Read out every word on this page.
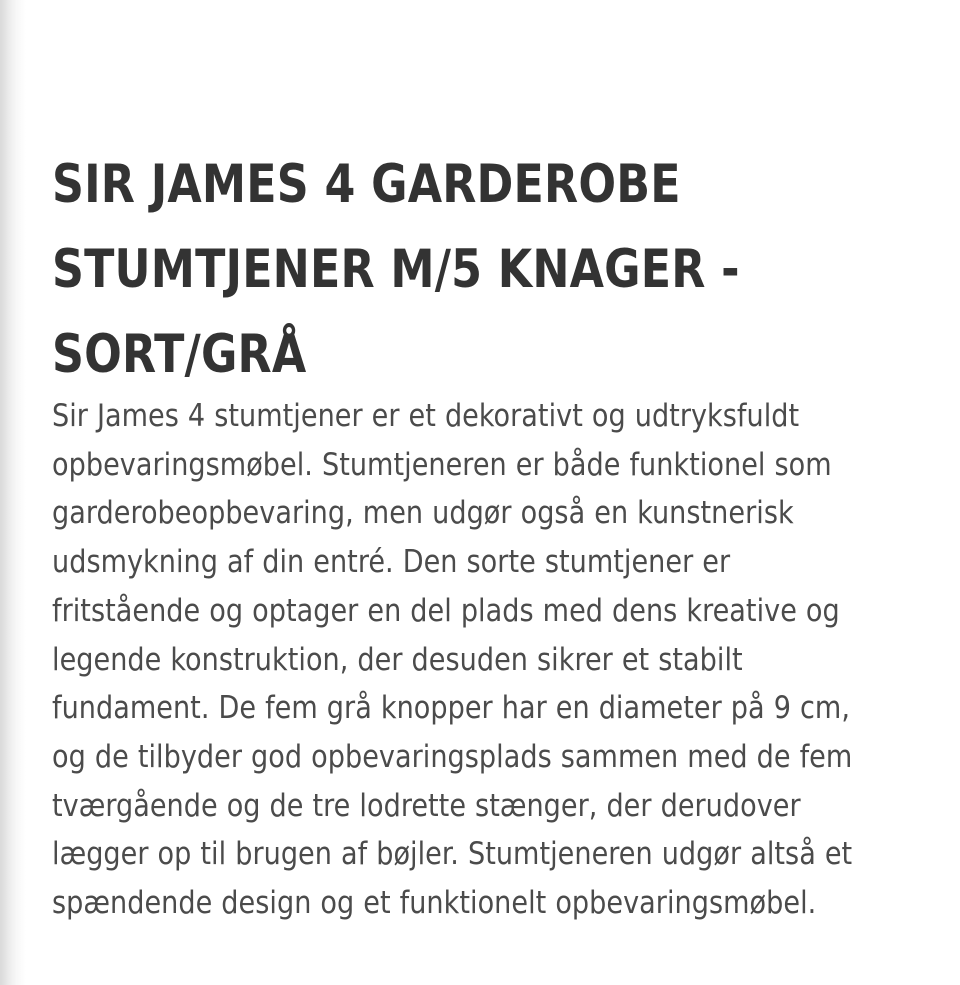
SIR JAMES 4 GARDEROBE
STUMTJENER M/5 KNAGER -
SORT/GRÅ

Sir James 4 stumtjener er et dekorativt og udtryksfuldt opbevaringsmøbel. Stumtjeneren er både funktionel som garderobeopbevaring, men udgør også en kunstnerisk udsmykning af din entré. Den sorte stumtjener er fritstående og optager en del plads med dens kreative og legende konstruktion, der desuden sikrer et stabilt fundament. De fem grå knopper har en diameter på 9 cm, og de tilbyder god opbevaringsplads sammen med de fem tværgående og de tre lodrette stænger, der derudover lægger op til brugen af bøjler. Stumtjeneren udgør altså et spændende design og et funktionelt opbevaringsmøbel.
